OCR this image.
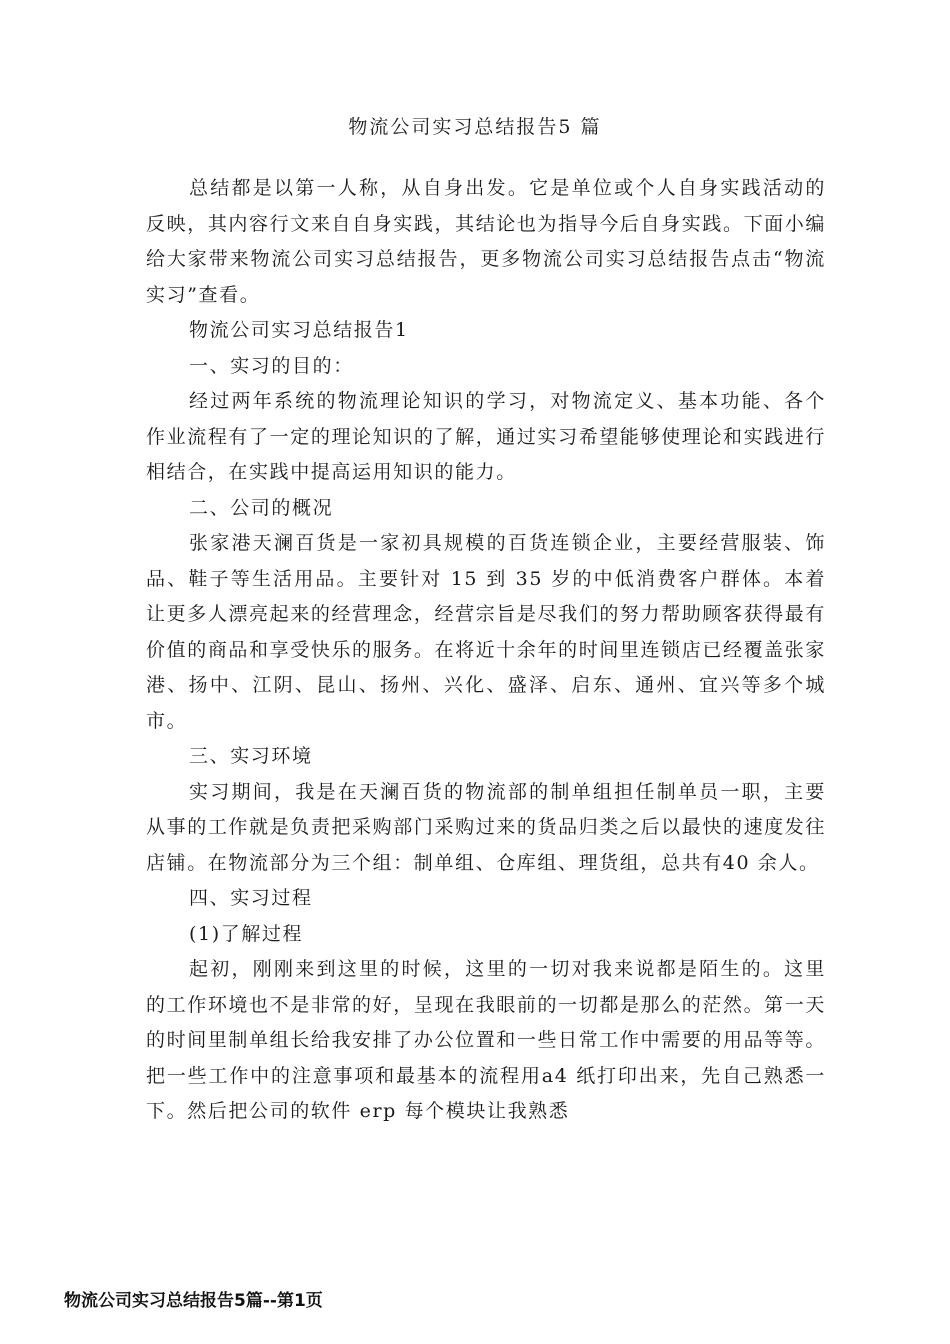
物流公司实习总结报告5 篇

总结都是以第一人称，从自身出发。它是单位或个人自身实践活动的反映，其内容行文来自自身实践，其结论也为指导今后自身实践。下面小编给大家带来物流公司实习总结报告，更多物流公司实习总结报告点击“物流实习”查看。

物流公司实习总结报告1

一、实习的目的：

经过两年系统的物流理论知识的学习，对物流定义、基本功能、各个作业流程有了一定的理论知识的了解，通过实习希望能够使理论和实践进行相结合，在实践中提高运用知识的能力。

二、公司的概况

张家港天澜百货是一家初具规模的百货连锁企业，主要经营服装、饰品、鞋子等生活用品。主要针对 15 到 35 岁的中低消费客户群体。本着让更多人漂亮起来的经营理念，经营宗旨是尽我们的努力帮助顾客获得最有价值的商品和享受快乐的服务。在将近十余年的时间里连锁店已经覆盖张家港、扬中、江阴、昆山、扬州、兴化、盛泽、启东、通州、宜兴等多个城市。

三、实习环境

实习期间，我是在天澜百货的物流部的制单组担任制单员一职，主要从事的工作就是负责把采购部门采购过来的货品归类之后以最快的速度发往店铺。在物流部分为三个组：制单组、仓库组、理货组，总共有40 余人。

四、实习过程

(1)了解过程

起初，刚刚来到这里的时候，这里的一切对我来说都是陌生的。这里的工作环境也不是非常的好，呈现在我眼前的一切都是那么的茫然。第一天的时间里制单组长给我安排了办公位置和一些日常工作中需要的用品等等。把一些工作中的注意事项和最基本的流程用a4 纸打印出来，先自己熟悉一下。然后把公司的软件 erp 每个模块让我熟悉

物流公司实习总结报告5篇--第1页
